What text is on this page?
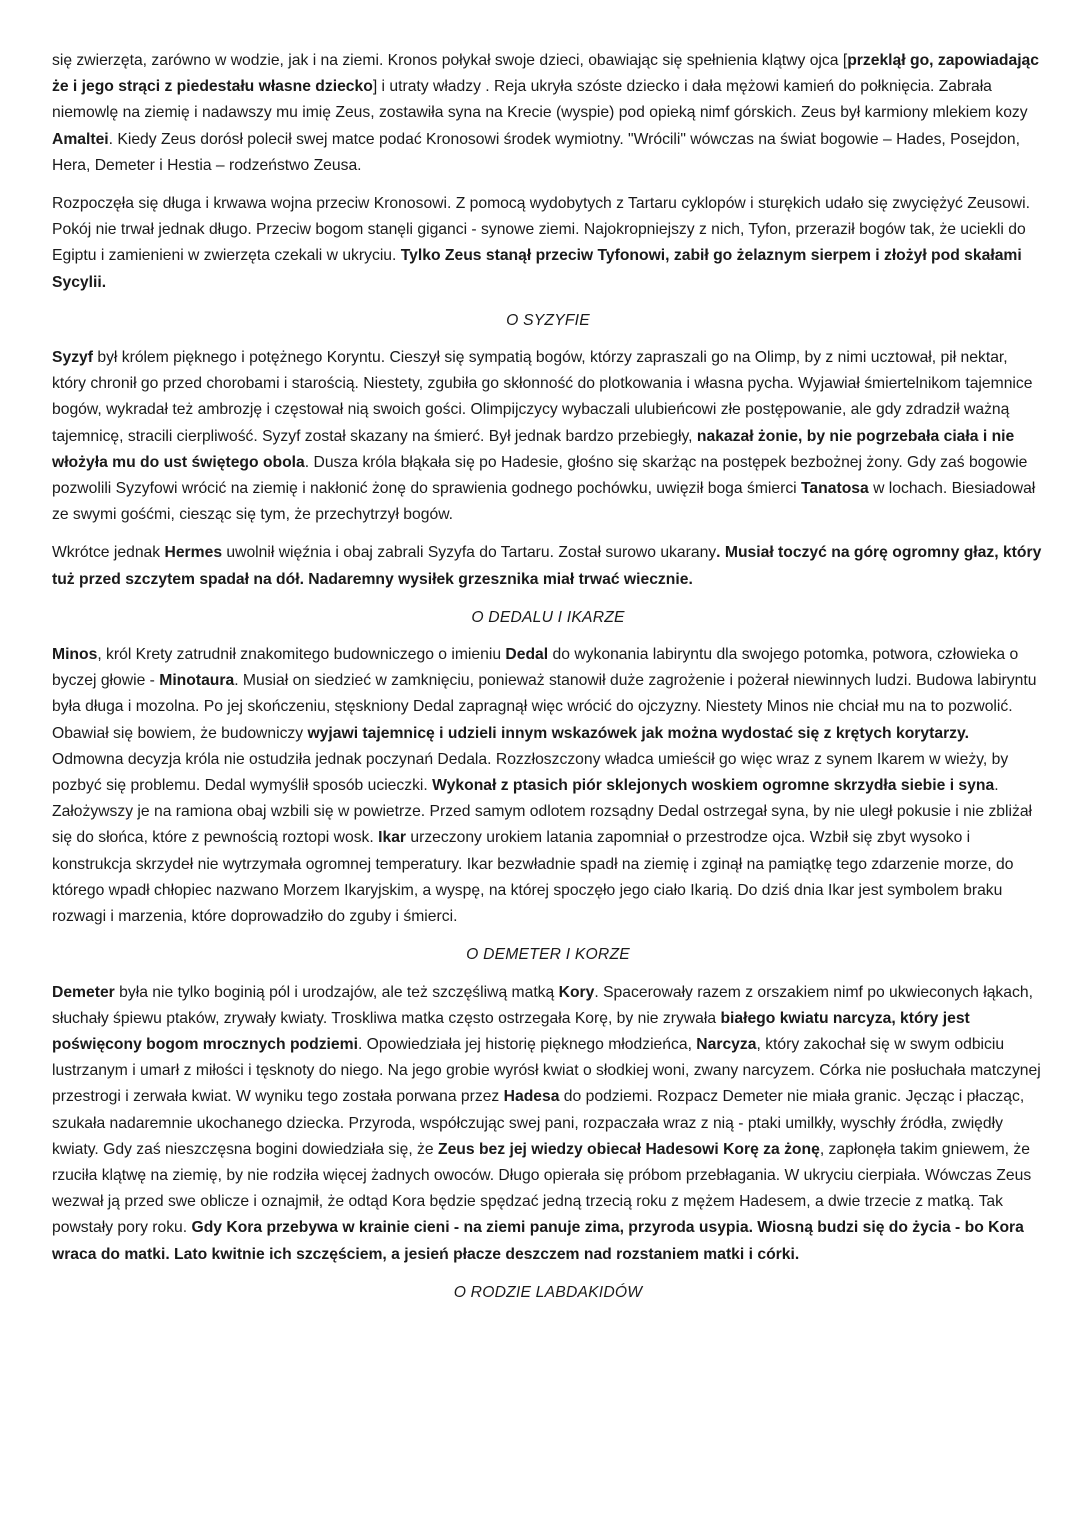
się zwierzęta, zarówno w wodzie, jak i na ziemi. Kronos połykał swoje dzieci, obawiając się spełnienia klątwy ojca [przeklął go, zapowiadając że i jego strąci z piedestału własne dziecko] i utraty władzy . Reja ukryła szóste dziecko i dała mężowi kamień do połknięcia. Zabrała niemowlę na ziemię i nadawszy mu imię Zeus, zostawiła syna na Krecie (wyspie) pod opieką nimf górskich. Zeus był karmiony mlekiem kozy Amaltei. Kiedy Zeus dorósł polecił swej matce podać Kronosowi środek wymiotny. "Wrócili" wówczas na świat bogowie – Hades, Posejdon, Hera, Demeter i Hestia – rodzeństwo Zeusa.

Rozpoczęła się długa i krwawa wojna przeciw Kronosowi. Z pomocą wydobytych z Tartaru cyklopów i sturękich udało się zwyciężyć Zeusowi. Pokój nie trwał jednak długo. Przeciw bogom stanęli giganci - synowe ziemi. Najokropniejszy z nich, Tyfon, przeraził bogów tak, że uciekli do Egiptu i zamienieni w zwierzęta czekali w ukryciu. Tylko Zeus stanął przeciw Tyfonowi, zabił go żelaznym sierpem i złożył pod skałami Sycylii.

O SYZYFIE

Syzyf był królem pięknego i potężnego Koryntu. Cieszył się sympatią bogów, którzy zapraszali go na Olimp, by z nimi ucztował, pił nektar, który chronił go przed chorobami i starością. Niestety, zgubiła go skłonność do plotkowania i własna pycha. Wyjawiał śmiertelnikom tajemnice bogów, wykradał też ambrozję i częstował nią swoich gości. Olimpijczycy wybaczali ulubieńcowi złe postępowanie, ale gdy zdradził ważną tajemnicę, stracili cierpliwość. Syzyf został skazany na śmierć. Był jednak bardzo przebiegły, nakazał żonie, by nie pogrzebała ciała i nie włożyła mu do ust świętego obola. Dusza króla błąkała się po Hadesie, głośno się skarżąc na postępek bezbożnej żony. Gdy zaś bogowie pozwolili Syzyfowi wrócić na ziemię i nakłonić żonę do sprawienia godnego pochówku, uwięził boga śmierci Tanatosa w lochach. Biesiadował ze swymi gośćmi, ciesząc się tym, że przechytrzył bogów.

Wkrótce jednak Hermes uwolnił więźnia i obaj zabrali Syzyfa do Tartaru. Został surowo ukarany. Musiał toczyć na górę ogromny głaz, który tuż przed szczytem spadał na dół. Nadaremny wysiłek grzesznika miał trwać wiecznie.

O DEDALU I IKARZE

Minos, król Krety zatrudnił znakomitego budowniczego o imieniu Dedal do wykonania labiryntu dla swojego potomka, potwora, człowieka o byczej głowie - Minotaura. Musiał on siedzieć w zamknięciu, ponieważ stanowił duże zagrożenie i pożerał niewinnych ludzi. Budowa labiryntu była długa i mozolna. Po jej skończeniu, stęskniony Dedal zapragnął więc wrócić do ojczyzny. Niestety Minos nie chciał mu na to pozwolić. Obawiał się bowiem, że budowniczy wyjawi tajemnicę i udzieli innym wskazówek jak można wydostać się z krętych korytarzy. Odmowna decyzja króla nie ostudziła jednak poczynań Dedala. Rozzłoszczony władca umieścił go więc wraz z synem Ikarem w wieży, by pozbyć się problemu. Dedal wymyślił sposób ucieczki. Wykonał z ptasich piór sklejonych woskiem ogromne skrzydła siebie i syna. Założywszy je na ramiona obaj wzbili się w powietrze. Przed samym odlotem rozsądny Dedal ostrzegał syna, by nie uległ pokusie i nie zbliżał się do słońca, które z pewnością roztopi wosk. Ikar urzeczony urokiem latania zapomniał o przestrodze ojca. Wzbił się zbyt wysoko i konstrukcja skrzydeł nie wytrzymała ogromnej temperatury. Ikar bezwładnie spadł na ziemię i zginął na pamiątkę tego zdarzenie morze, do którego wpadł chłopiec nazwano Morzem Ikaryjskim, a wyspę, na której spoczęło jego ciało Ikarią. Do dziś dnia Ikar jest symbolem braku rozwagi i marzenia, które doprowadziło do zguby i śmierci.

O DEMETER I KORZE

Demeter była nie tylko boginią pól i urodzajów, ale też szczęśliwą matką Kory. Spacerowały razem z orszakiem nimf po ukwieconych łąkach, słuchały śpiewu ptaków, zrywały kwiaty. Troskliwa matka często ostrzegała Korę, by nie zrywała białego kwiatu narcyza, który jest poświęcony bogom mrocznych podziemi. Opowiedziała jej historię pięknego młodzieńca, Narcyza, który zakochał się w swym odbiciu lustrzanym i umarł z miłości i tęsknoty do niego. Na jego grobie wyrósł kwiat o słodkiej woni, zwany narcyzem. Córka nie posłuchała matczynej przestrogi i zerwała kwiat. W wyniku tego została porwana przez Hadesa do podziemi. Rozpacz Demeter nie miała granic. Jęcząc i płacząc, szukała nadaremnie ukochanego dziecka. Przyroda, współczując swej pani, rozpaczała wraz z nią - ptaki umilkły, wyschły źródła, zwiędły kwiaty. Gdy zaś nieszczęsna bogini dowiedziała się, że Zeus bez jej wiedzy obiecał Hadesowi Korę za żonę, zapłonęła takim gniewem, że rzuciła klątwę na ziemię, by nie rodziła więcej żadnych owoców. Długo opierała się próbom przebłagania. W ukryciu cierpiała. Wówczas Zeus wezwał ją przed swe oblicze i oznajmił, że odtąd Kora będzie spędzać jedną trzecią roku z mężem Hadesem, a dwie trzecie z matką. Tak powstały pory roku. Gdy Kora przebywa w krainie cieni - na ziemi panuje zima, przyroda usypia. Wiosną budzi się do życia - bo Kora wraca do matki. Lato kwitnie ich szczęściem, a jesień płacze deszczem nad rozstaniem matki i córki.

O RODZIE LABDAKIDÓW
